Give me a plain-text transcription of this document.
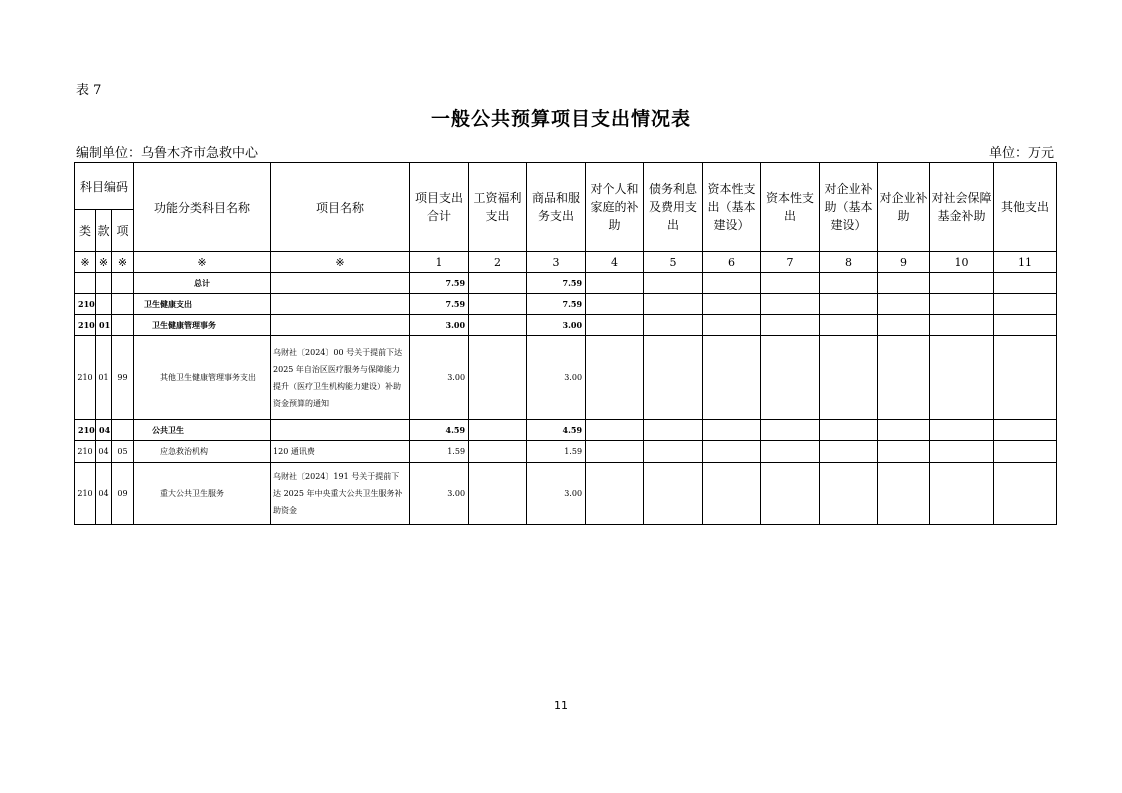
表 7
一般公共预算项目支出情况表
编制单位：乌鲁木齐市急救中心	单位：万元
科目编码			功能分类科目名称	项目名称	项目支出合计	工资福利支出	商品和服务支出	对个人和家庭的补助	债务利息及费用支出	资本性支出（基本建设）	资本性支出	对企业补助（基本建设）	对企业补助	对社会保障基金补助	其他支出
类	款	项													
※	※	※	※	※	1	2	3	4	5	6	7	8	9	10	11
			总计		7.59		7.59								
210			卫生健康支出		7.59		7.59								
210	01		卫生健康管理事务		3.00		3.00								
210	01	99	其他卫生健康管理事务支出	乌财社〔2024〕00 号关于提前下达 2025 年自治区医疗服务与保障能力提升（医疗卫生机构能力建设）补助资金预算的通知	3.00		3.00								
210	04		公共卫生		4.59		4.59								
210	04	05	应急救治机构	120 通讯费	1.59		1.59								
210	04	09	重大公共卫生服务	乌财社〔2024〕191 号关于提前下达 2025 年中央重大公共卫生服务补助资金	3.00		3.00								
11
